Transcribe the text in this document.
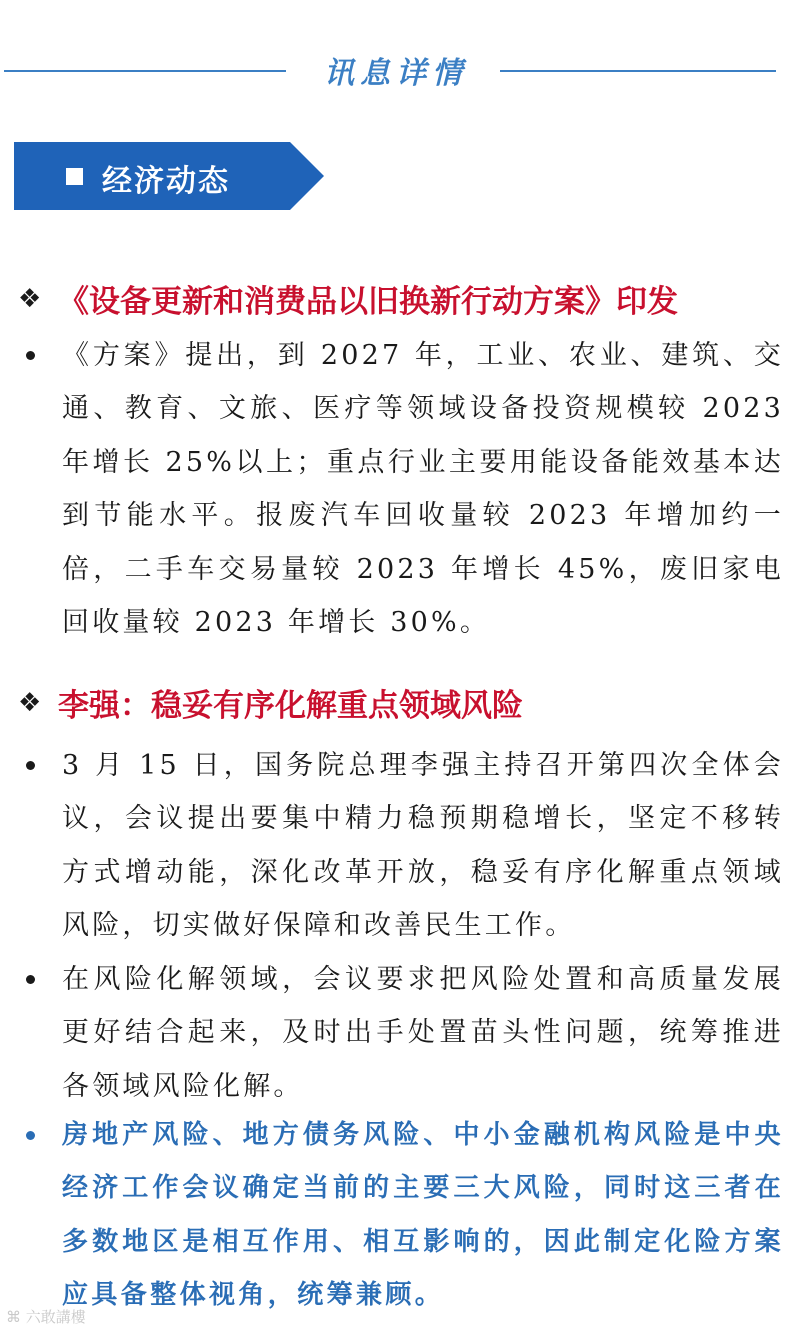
讯息详情
经济动态
❖ 《设备更新和消费品以旧换新行动方案》印发
《方案》提出，到 2027 年，工业、农业、建筑、交通、教育、文旅、医疗等领域设备投资规模较 2023 年增长 25%以上；重点行业主要用能设备能效基本达到节能水平。报废汽车回收量较 2023 年增加约一倍，二手车交易量较 2023 年增长 45%，废旧家电回收量较 2023 年增长 30%。
❖ 李强：稳妥有序化解重点领域风险
3 月 15 日，国务院总理李强主持召开第四次全体会议，会议提出要集中精力稳预期稳增长，坚定不移转方式增动能，深化改革开放，稳妥有序化解重点领域风险，切实做好保障和改善民生工作。
在风险化解领域，会议要求把风险处置和高质量发展更好结合起来，及时出手处置苗头性问题，统筹推进各领域风险化解。
房地产风险、地方债务风险、中小金融机构风险是中央经济工作会议确定当前的主要三大风险，同时这三者在多数地区是相互作用、相互影响的，因此制定化险方案应具备整体视角，统筹兼顾。
⌘ 六敢講樓
